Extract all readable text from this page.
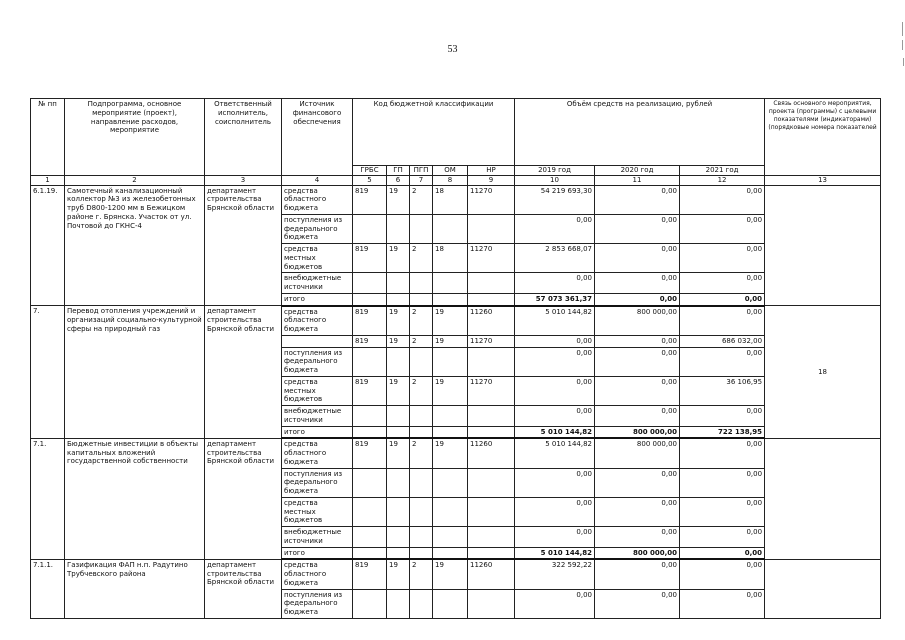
53
№ пп	Подпрограмма, основное мероприятие (проект), направление расходов, мероприятие	Ответственный исполнитель, соисполнитель	Источник финансового обеспечения	Код бюджетной классификации					Объём средств на реализацию, рублей			Связь основного мероприятия, проекта (программы) с целевыми показателями (индикаторами) (порядковые номера показателей
				ГРБС	ГП	ПГП	ОМ	НР	2019 год	2020 год	2021 год	
1	2	3	4	5	6	7	8	9	10	11	12	13
6.1.19.	Самотечный канализационный коллектор №3 из железобетонных труб D800-1200 мм в Бежицком районе г. Брянска. Участок от ул. Почтовой до ГКНС-4	департамент строительства Брянской области	средства областного бюджета	819	19	2	18	11270	54 219 693,30	0,00	0,00	
			поступления из федерального бюджета						0,00	0,00	0,00	
			средства местных бюджетов	819	19	2	18	11270	2 853 668,07	0,00	0,00	
			внебюджетные источники						0,00	0,00	0,00	
			итого						57 073 361,37	0,00	0,00	
7.	Перевод отопления учреждений и организаций социально-культурной сферы на природный газ	департамент строительства Брянской области	средства областного бюджета	819	19	2	19	11260	5 010 144,82	800 000,00	0,00	18
				819	19	2	19	11270	0,00	0,00	686 032,00	
			поступления из федерального бюджета						0,00	0,00	0,00	
			средства местных бюджетов	819	19	2	19	11270	0,00	0,00	36 106,95	
			внебюджетные источники						0,00	0,00	0,00	
			итого						5 010 144,82	800 000,00	722 138,95	
7.1.	Бюджетные инвестиции в объекты капитальных вложений государственной собственности	департамент строительства Брянской области	средства областного бюджета	819	19	2	19	11260	5 010 144,82	800 000,00	0,00	
			поступления из федерального бюджета						0,00	0,00	0,00	
			средства местных бюджетов						0,00	0,00	0,00	
			внебюджетные источники						0,00	0,00	0,00	
			итого						5 010 144,82	800 000,00	0,00	
7.1.1.	Газификация ФАП н.п. Радутино Трубчевского района	департамент строительства Брянской области	средства областного бюджета	819	19	2	19	11260	322 592,22	0,00	0,00	
			поступления из федерального бюджета						0,00	0,00	0,00	
